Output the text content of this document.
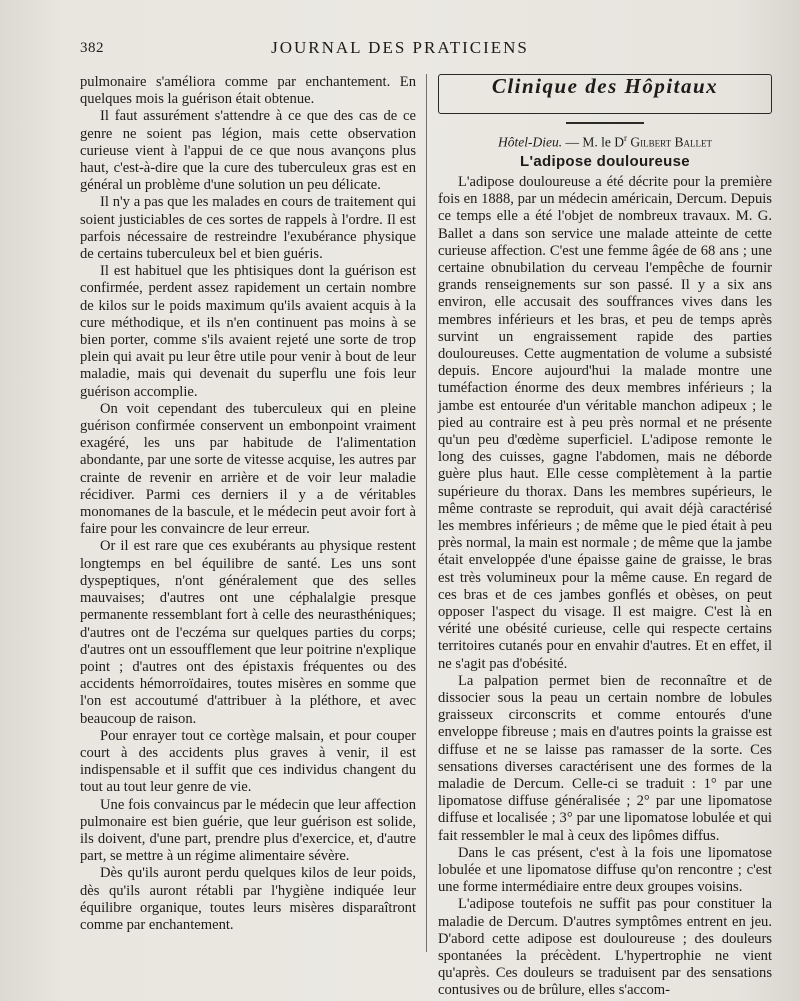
382	JOURNAL DES PRATICIENS

pulmonaire s'améliora comme par enchantement. En quelques mois la guérison était obtenue.

Il faut assurément s'attendre à ce que des cas de ce genre ne soient pas légion, mais cette observation curieuse vient à l'appui de ce que nous avançons plus haut, c'est-à-dire que la cure des tuberculeux gras est en général un problème d'une solution un peu délicate.

Il n'y a pas que les malades en cours de traitement qui soient justiciables de ces sortes de rappels à l'ordre. Il est parfois nécessaire de restreindre l'exubérance physique de certains tuberculeux bel et bien guéris.

Il est habituel que les phtisiques dont la guérison est confirmée, perdent assez rapidement un certain nombre de kilos sur le poids maximum qu'ils avaient acquis à la cure méthodique, et ils n'en continuent pas moins à se bien porter, comme s'ils avaient rejeté une sorte de trop plein qui avait pu leur être utile pour venir à bout de leur maladie, mais qui devenait du superflu une fois leur guérison accomplie.

On voit cependant des tuberculeux qui en pleine guérison confirmée conservent un embonpoint vraiment exagéré, les uns par habitude de l'alimentation abondante, par une sorte de vitesse acquise, les autres par crainte de revenir en arrière et de voir leur maladie récidiver. Parmi ces derniers il y a de véritables monomanes de la bascule, et le médecin peut avoir fort à faire pour les convaincre de leur erreur.

Or il est rare que ces exubérants au physique restent longtemps en bel équilibre de santé. Les uns sont dyspeptiques, n'ont généralement que des selles mauvaises; d'autres ont une céphalalgie presque permanente ressemblant fort à celle des neurasthéniques; d'autres ont de l'eczéma sur quelques parties du corps; d'autres ont un essoufflement que leur poitrine n'explique point ; d'autres ont des épistaxis fréquentes ou des accidents hémorroïdaires, toutes misères en somme que l'on est accoutumé d'attribuer à la pléthore, et avec beaucoup de raison.

Pour enrayer tout ce cortège malsain, et pour couper court à des accidents plus graves à venir, il est indispensable et il suffit que ces individus changent du tout au tout leur genre de vie.

Une fois convaincus par le médecin que leur affection pulmonaire est bien guérie, que leur guérison est solide, ils doivent, d'une part, prendre plus d'exercice, et, d'autre part, se mettre à un régime alimentaire sévère.

Dès qu'ils auront perdu quelques kilos de leur poids, dès qu'ils auront rétabli par l'hygiène indiquée leur équilibre organique, toutes leurs misères disparaîtront comme par enchantement.

Clinique des Hôpitaux
Hôtel-Dieu. — M. le $D^r$ Gilbert Ballet
L'adipose douloureuse

L'adipose douloureuse a été décrite pour la première fois en 1888, par un médecin américain, Dercum. Depuis ce temps elle a été l'objet de nombreux travaux. M. G. Ballet a dans son service une malade atteinte de cette curieuse affection. C'est une femme âgée de 68 ans ; une certaine obnubilation du cerveau l'empêche de fournir grands renseignements sur son passé. Il y a six ans environ, elle accusait des souffrances vives dans les membres inférieurs et les bras, et peu de temps après survint un engraissement rapide des parties douloureuses. Cette augmentation de volume a subsisté depuis. Encore aujourd'hui la malade montre une tuméfaction énorme des deux membres inférieurs ; la jambe est entourée d'un véritable manchon adipeux ; le pied au contraire est à peu près normal et ne présente qu'un peu d'œdème superficiel. L'adipose remonte le long des cuisses, gagne l'abdomen, mais ne déborde guère plus haut. Elle cesse complètement à la partie supérieure du thorax. Dans les membres supérieurs, le même contraste se reproduit, qui avait déjà caractérisé les membres inférieurs ; de même que le pied était à peu près normal, la main est normale ; de même que la jambe était enveloppée d'une épaisse gaine de graisse, le bras est très volumineux pour la même cause. En regard de ces bras et de ces jambes gonflés et obèses, on peut opposer l'aspect du visage. Il est maigre. C'est là en vérité une obésité curieuse, celle qui respecte certains territoires cutanés pour en envahir d'autres. Et en effet, il ne s'agit pas d'obésité.

La palpation permet bien de reconnaître et de dissocier sous la peau un certain nombre de lobules graisseux circonscrits et comme entourés d'une enveloppe fibreuse ; mais en d'autres points la graisse est diffuse et ne se laisse pas ramasser de la sorte. Ces sensations diverses caractérisent une des formes de la maladie de Dercum. Celle-ci se traduit : 1° par une lipomatose diffuse généralisée ; 2° par une lipomatose diffuse et localisée ; 3° par une lipomatose lobulée et qui fait ressembler le mal à ceux des lipômes diffus.

Dans le cas présent, c'est à la fois une lipomatose lobulée et une lipomatose diffuse qu'on rencontre ; c'est une forme intermédiaire entre deux groupes voisins.

L'adipose toutefois ne suffit pas pour constituer la maladie de Dercum. D'autres symptômes entrent en jeu. D'abord cette adipose est douloureuse ; des douleurs spontanées la précèdent. L'hypertrophie ne vient qu'après. Ces douleurs se traduisent par des sensations contusives ou de brûlure, elles s'accom-
